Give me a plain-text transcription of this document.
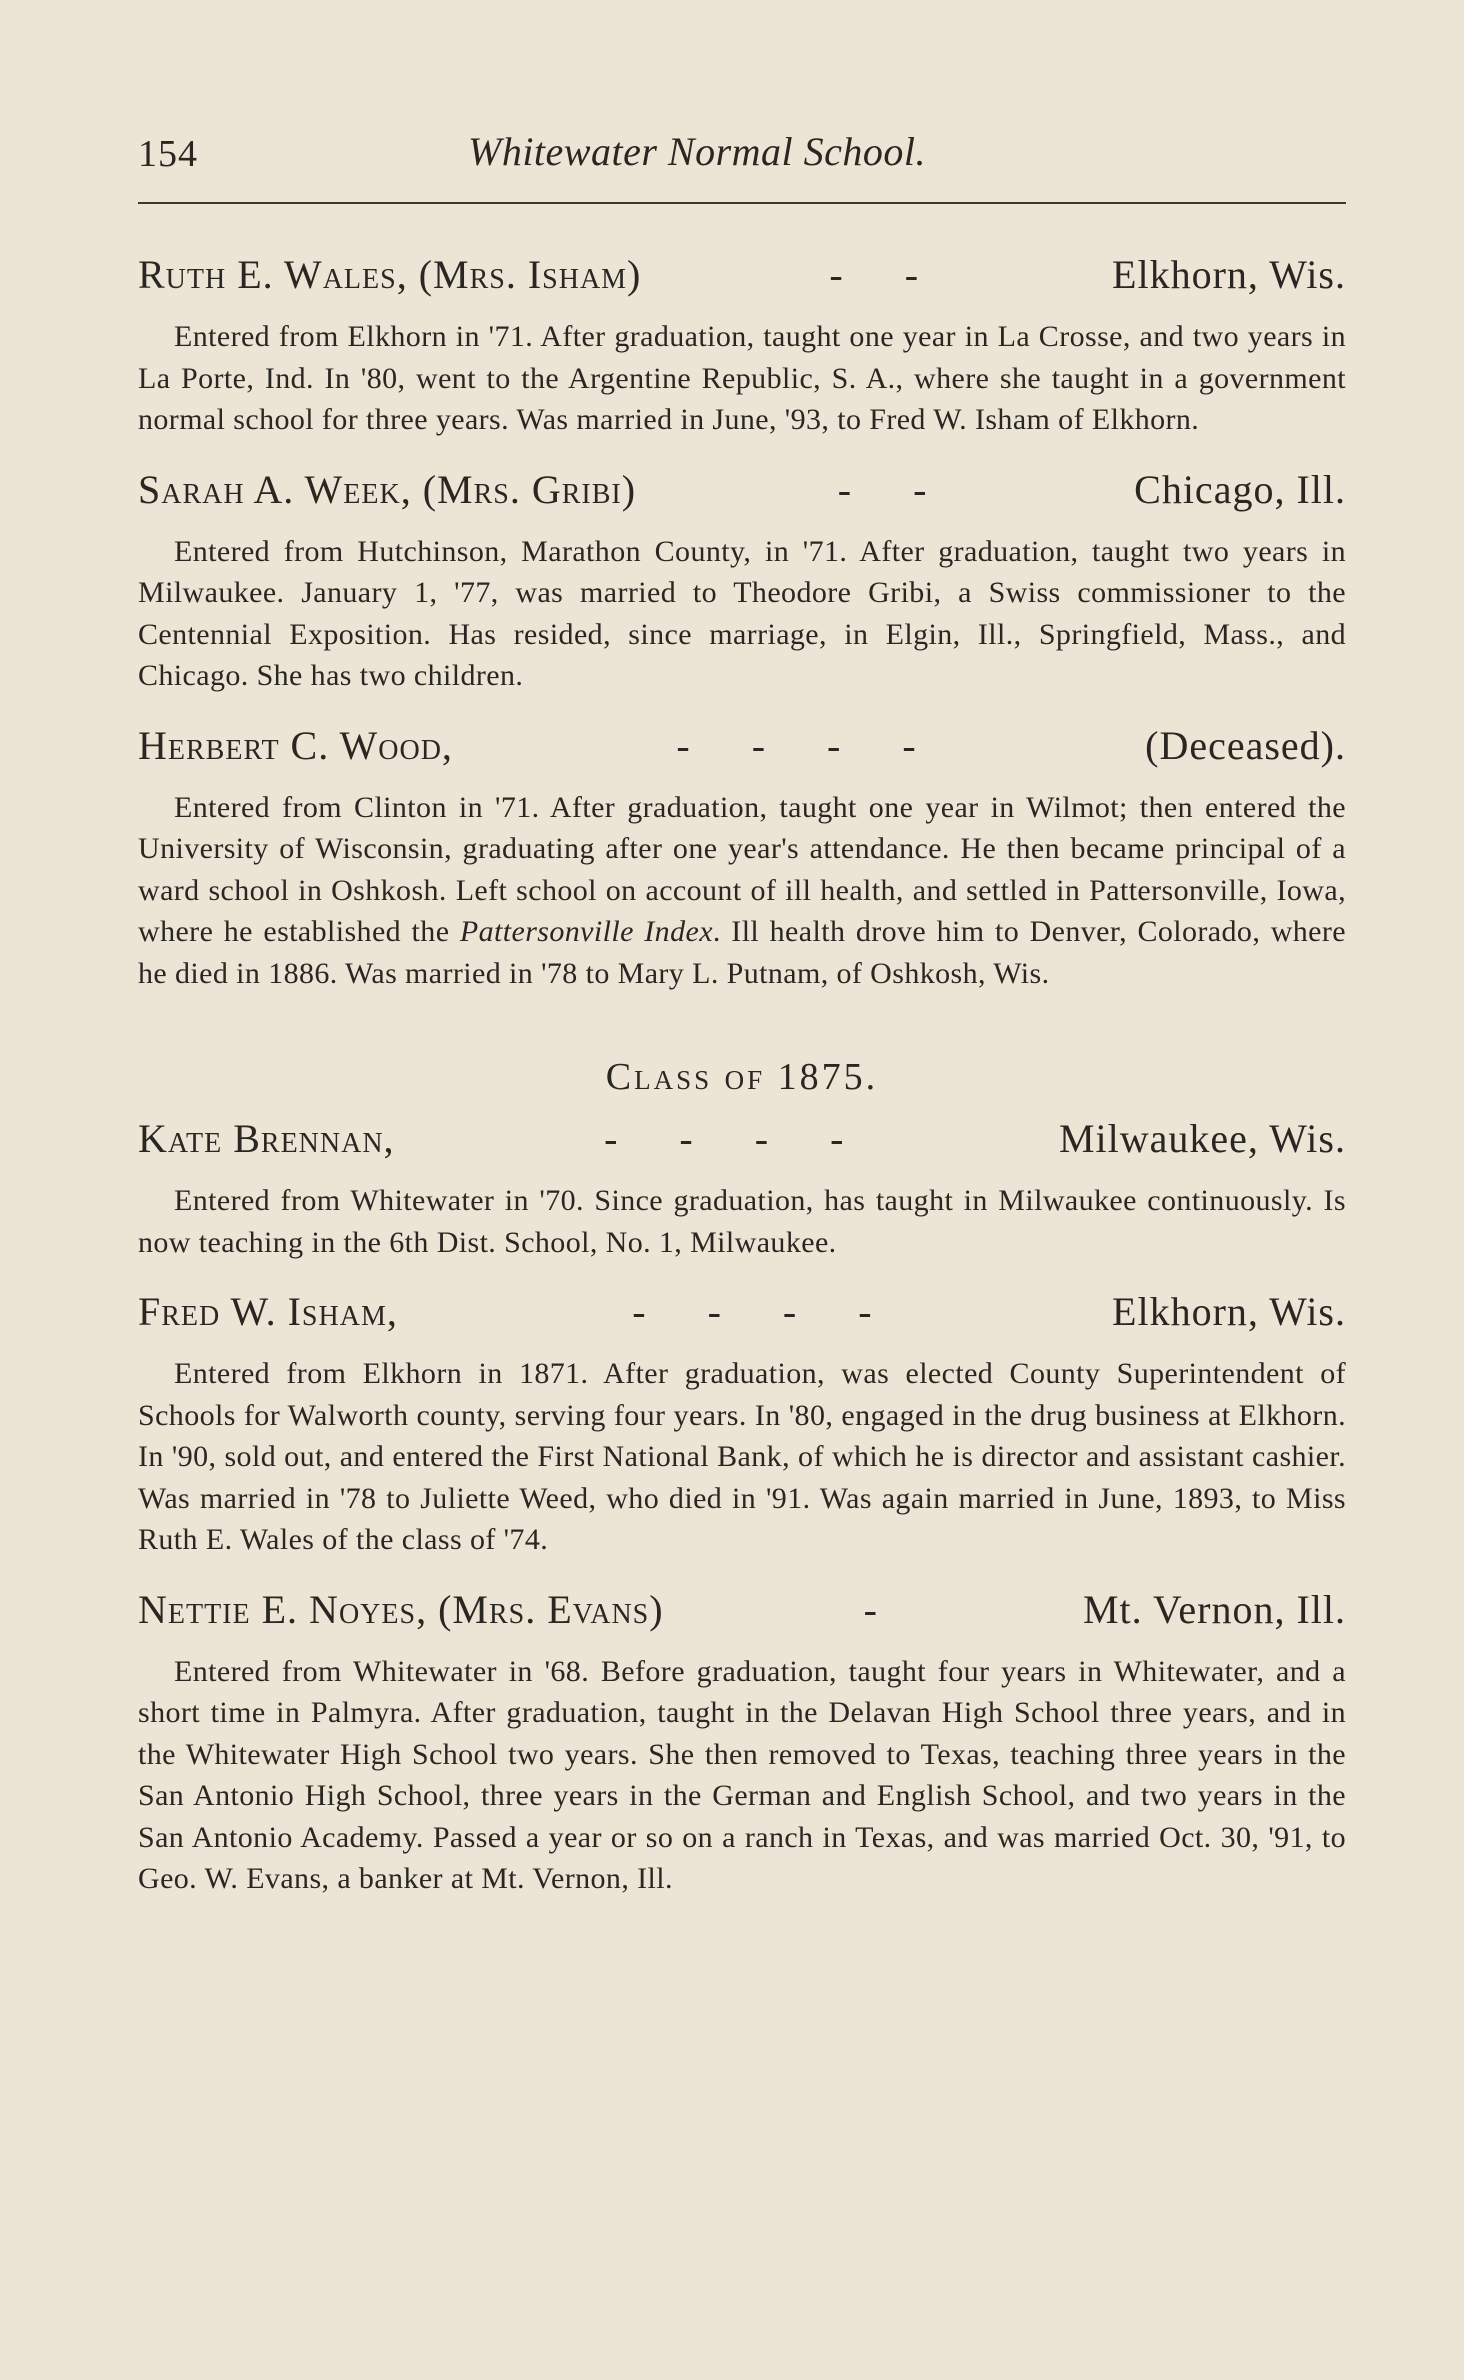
154	Whitewater Normal School.
Ruth E. Wales, (Mrs. Isham)	- -	Elkhorn, Wis.

Entered from Elkhorn in '71. After graduation, taught one year in La Crosse, and two years in La Porte, Ind. In '80, went to the Argentine Republic, S. A., where she taught in a government normal school for three years. Was married in June, '93, to Fred W. Isham of Elkhorn.

Sarah A. Week, (Mrs. Gribi)	- -	Chicago, Ill.

Entered from Hutchinson, Marathon County, in '71. After graduation, taught two years in Milwaukee. January 1, '77, was married to Theodore Gribi, a Swiss commissioner to the Centennial Exposition. Has resided, since marriage, in Elgin, Ill., Springfield, Mass., and Chicago. She has two children.

Herbert C. Wood,	- - - -	(Deceased).

Entered from Clinton in '71. After graduation, taught one year in Wilmot; then entered the University of Wisconsin, graduating after one year's attendance. He then became principal of a ward school in Oshkosh. Left school on account of ill health, and settled in Pattersonville, Iowa, where he established the Pattersonville Index. Ill health drove him to Denver, Colorado, where he died in 1886. Was married in '78 to Mary L. Putnam, of Oshkosh, Wis.

Class of 1875.
Kate Brennan,	- - - -	Milwaukee, Wis.

Entered from Whitewater in '70. Since graduation, has taught in Milwaukee continuously. Is now teaching in the 6th Dist. School, No. 1, Milwaukee.

Fred W. Isham,	- - - -	Elkhorn, Wis.

Entered from Elkhorn in 1871. After graduation, was elected County Superintendent of Schools for Walworth county, serving four years. In '80, engaged in the drug business at Elkhorn. In '90, sold out, and entered the First National Bank, of which he is director and assistant cashier. Was married in '78 to Juliette Weed, who died in '91. Was again married in June, 1893, to Miss Ruth E. Wales of the class of '74.

Nettie E. Noyes, (Mrs. Evans)	-	Mt. Vernon, Ill.

Entered from Whitewater in '68. Before graduation, taught four years in Whitewater, and a short time in Palmyra. After graduation, taught in the Delavan High School three years, and in the Whitewater High School two years. She then removed to Texas, teaching three years in the San Antonio High School, three years in the German and English School, and two years in the San Antonio Academy. Passed a year or so on a ranch in Texas, and was married Oct. 30, '91, to Geo. W. Evans, a banker at Mt. Vernon, Ill.
